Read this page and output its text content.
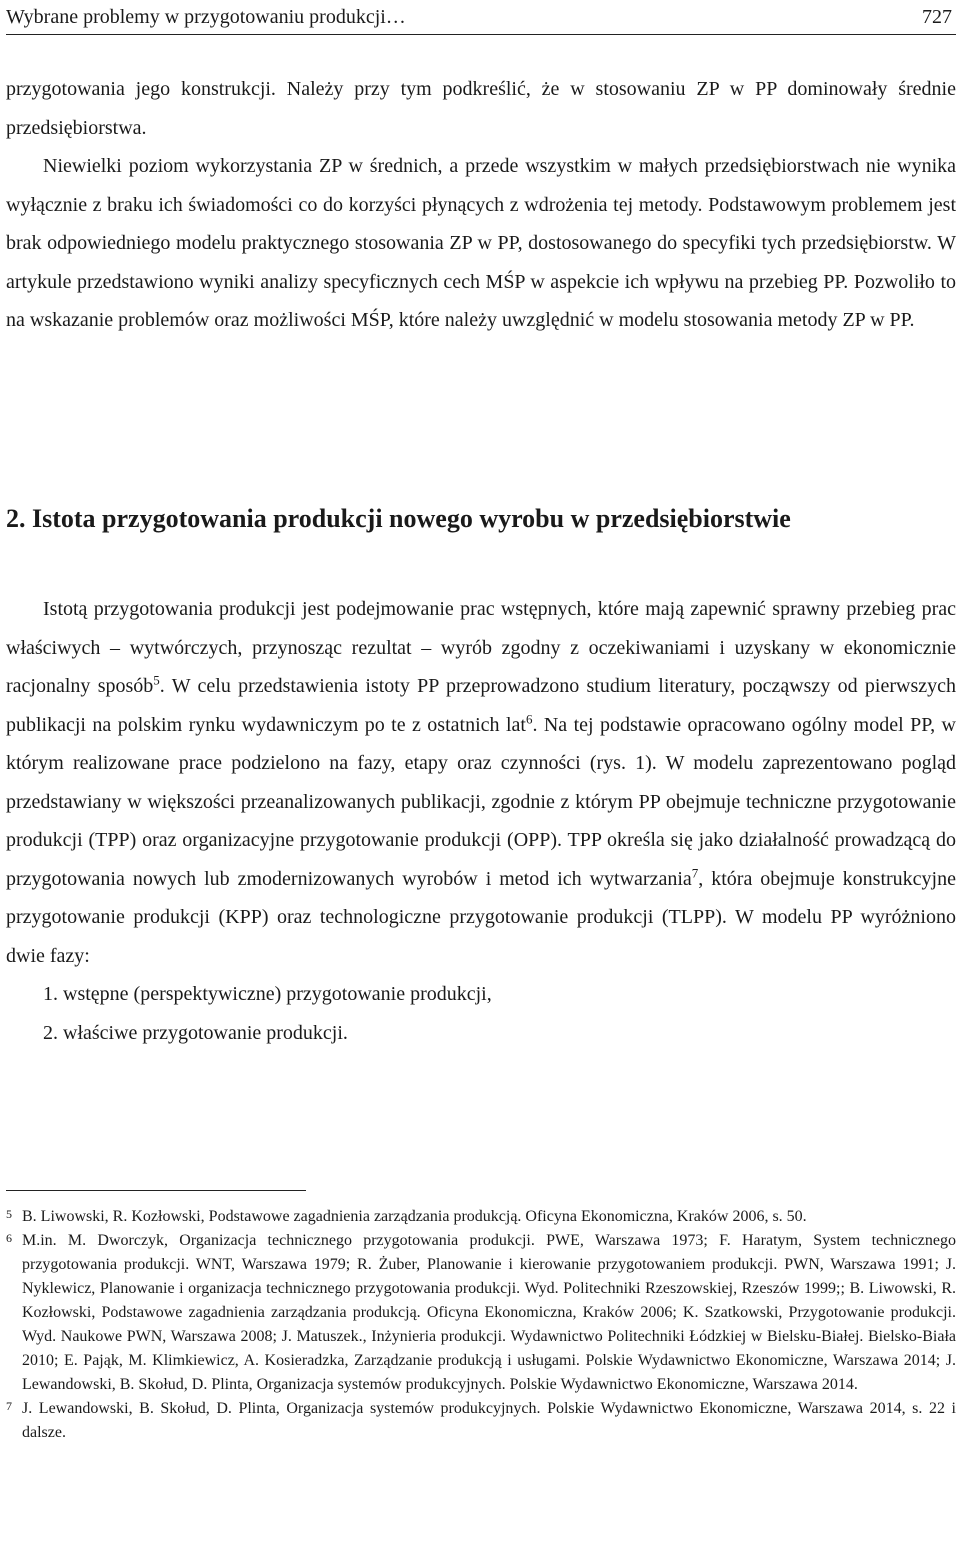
Wybrane problemy w przygotowaniu produkcji…	727

przygotowania jego konstrukcji. Należy przy tym podkreślić, że w stosowaniu ZP w PP dominowały średnie przedsiębiorstwa.

Niewielki poziom wykorzystania ZP w średnich, a przede wszystkim w małych przedsiębiorstwach nie wynika wyłącznie z braku ich świadomości co do korzyści płynących z wdrożenia tej metody. Podstawowym problemem jest brak odpowiedniego modelu praktycznego stosowania ZP w PP, dostosowanego do specyfiki tych przedsiębiorstw. W artykule przedstawiono wyniki analizy specyficznych cech MŚP w aspekcie ich wpływu na przebieg PP. Pozwoliło to na wskazanie problemów oraz możliwości MŚP, które należy uwzględnić w modelu stosowania metody ZP w PP.

2. Istota przygotowania produkcji nowego wyrobu w przedsiębiorstwie

Istotą przygotowania produkcji jest podejmowanie prac wstępnych, które mają zapewnić sprawny przebieg prac właściwych – wytwórczych, przynosząc rezultat – wyrób zgodny z oczekiwaniami i uzyskany w ekonomicznie racjonalny sposób$^5$. W celu przedstawienia istoty PP przeprowadzono studium literatury, począwszy od pierwszych publikacji na polskim rynku wydawniczym po te z ostatnich lat$^6$. Na tej podstawie opracowano ogólny model PP, w którym realizowane prace podzielono na fazy, etapy oraz czynności (rys. 1). W modelu zaprezentowano pogląd przedstawiany w większości przeanalizowanych publikacji, zgodnie z którym PP obejmuje techniczne przygotowanie produkcji (TPP) oraz organizacyjne przygotowanie produkcji (OPP). TPP określa się jako działalność prowadzącą do przygotowania nowych lub zmodernizowanych wyrobów i metod ich wytwarzania$^7$, która obejmuje konstrukcyjne przygotowanie produkcji (KPP) oraz technologiczne przygotowanie produkcji (TLPP). W modelu PP wyróżniono dwie fazy:

1. wstępne (perspektywiczne) przygotowanie produkcji,

2. właściwe przygotowanie produkcji.

5 B. Liwowski, R. Kozłowski, Podstawowe zagadnienia zarządzania produkcją. Oficyna Ekonomiczna, Kraków 2006, s. 50.

6 M.in. M. Dworczyk, Organizacja technicznego przygotowania produkcji. PWE, Warszawa 1973; F. Haratym, System technicznego przygotowania produkcji. WNT, Warszawa 1979; R. Żuber, Planowanie i kierowanie przygotowaniem produkcji. PWN, Warszawa 1991; J. Nyklewicz, Planowanie i organizacja technicznego przygotowania produkcji. Wyd. Politechniki Rzeszowskiej, Rzeszów 1999;; B. Liwowski, R. Kozłowski, Podstawowe zagadnienia zarządzania produkcją. Oficyna Ekonomiczna, Kraków 2006; K. Szatkowski, Przygotowanie produkcji. Wyd. Naukowe PWN, Warszawa 2008; J. Matuszek., Inżynieria produkcji. Wydawnictwo Politechniki Łódzkiej w Bielsku-Białej. Bielsko-Biała 2010; E. Pająk, M. Klimkiewicz, A. Kosieradzka, Zarządzanie produkcją i usługami. Polskie Wydawnictwo Ekonomiczne, Warszawa 2014; J. Lewandowski, B. Skołud, D. Plinta, Organizacja systemów produkcyjnych. Polskie Wydawnictwo Ekonomiczne, Warszawa 2014.

7 J. Lewandowski, B. Skołud, D. Plinta, Organizacja systemów produkcyjnych. Polskie Wydawnictwo Ekonomiczne, Warszawa 2014, s. 22 i dalsze.
